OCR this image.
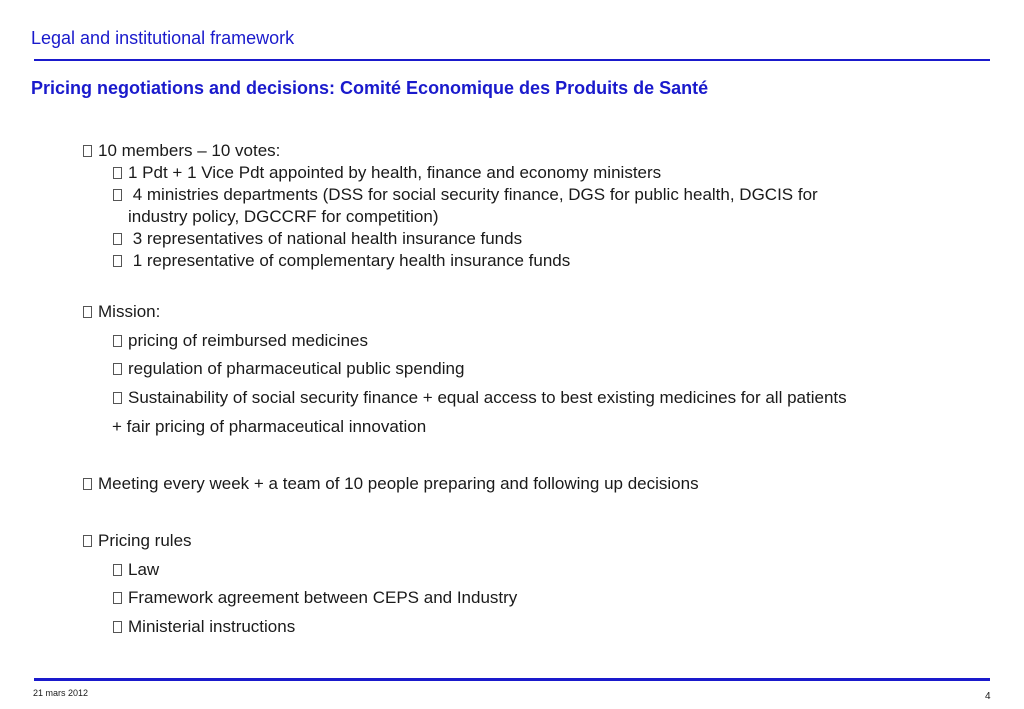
Legal and institutional framework
Pricing negotiations and decisions: Comité Economique des Produits de Santé
10 members – 10 votes:
1 Pdt + 1 Vice Pdt appointed by health, finance and economy ministers
4 ministries departments (DSS for social security finance, DGS for public health, DGCIS for
industry policy, DGCCRF for competition)
3 representatives of national health insurance funds
1 representative of complementary health insurance funds
Mission:
pricing of reimbursed medicines
regulation of pharmaceutical public spending
Sustainability of social security finance + equal access to best existing medicines for all patients
+ fair pricing of pharmaceutical innovation
Meeting every week + a team of 10 people preparing and following up decisions
Pricing rules
Law
Framework agreement between CEPS and Industry
Ministerial instructions
21 mars 2012	4
